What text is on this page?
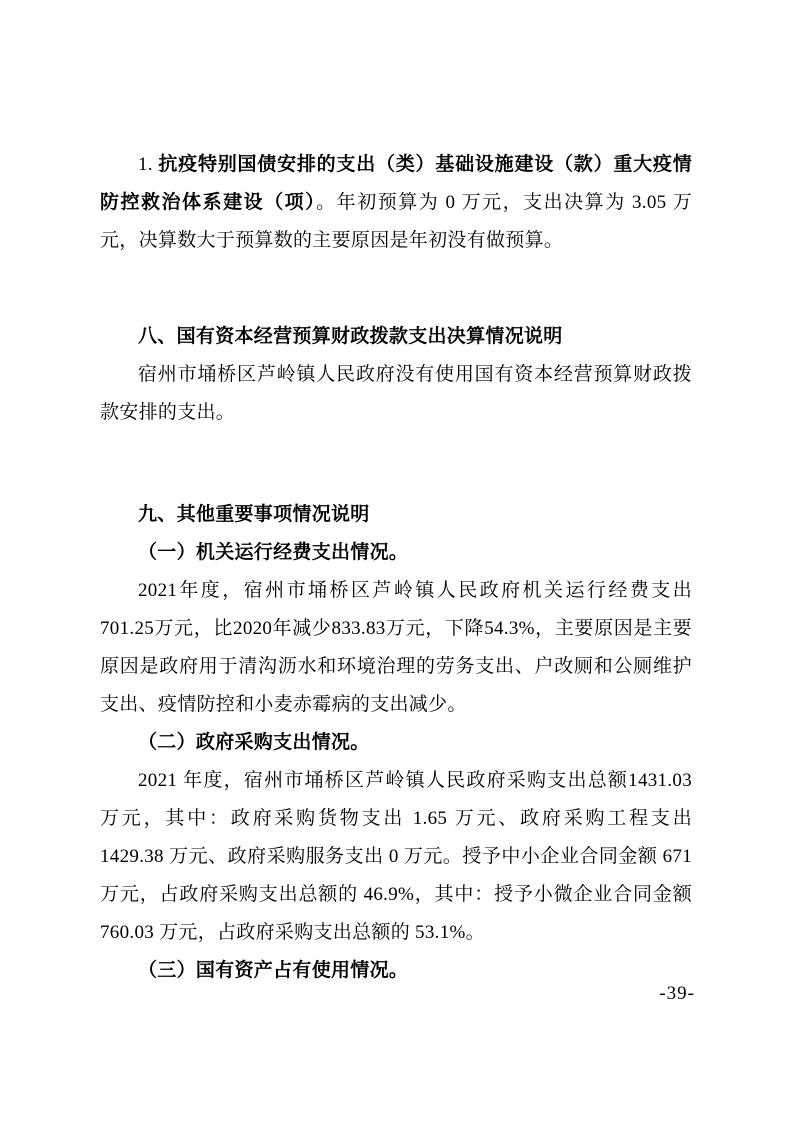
1. 抗疫特别国债安排的支出（类）基础设施建设（款）重大疫情防控救治体系建设（项）。年初预算为 0 万元，支出决算为 3.05 万元，决算数大于预算数的主要原因是年初没有做预算。

八、国有资本经营预算财政拨款支出决算情况说明

宿州市埇桥区芦岭镇人民政府没有使用国有资本经营预算财政拨款安排的支出。

九、其他重要事项情况说明
（一）机关运行经费支出情况。

2021年度，宿州市埇桥区芦岭镇人民政府机关运行经费支出701.25万元，比2020年减少833.83万元，下降54.3%，主要原因是主要原因是政府用于清沟沥水和环境治理的劳务支出、户改厕和公厕维护支出、疫情防控和小麦赤霉病的支出减少。

（二）政府采购支出情况。

2021 年度，宿州市埇桥区芦岭镇人民政府采购支出总额1431.03 万元，其中：政府采购货物支出 1.65 万元、政府采购工程支出 1429.38 万元、政府采购服务支出 0 万元。授予中小企业合同金额 671 万元，占政府采购支出总额的 46.9%，其中：授予小微企业合同金额 760.03 万元，占政府采购支出总额的 53.1%。

（三）国有资产占有使用情况。
-39-
